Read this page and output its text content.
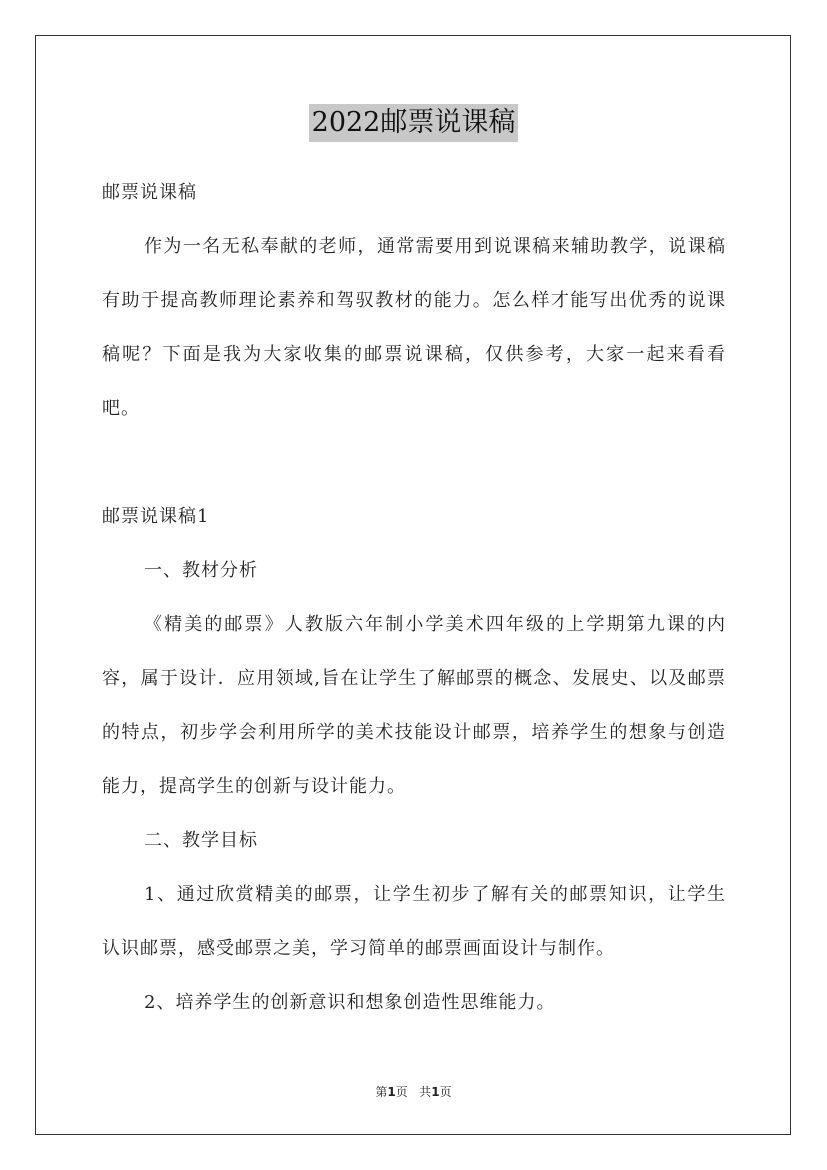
2022邮票说课稿

邮票说课稿

作为一名无私奉献的老师，通常需要用到说课稿来辅助教学，说课稿有助于提高教师理论素养和驾驭教材的能力。怎么样才能写出优秀的说课稿呢？下面是我为大家收集的邮票说课稿，仅供参考，大家一起来看看吧。

邮票说课稿1

一、教材分析

《精美的邮票》人教版六年制小学美术四年级的上学期第九课的内容，属于设计．应用领域,旨在让学生了解邮票的概念、发展史、以及邮票的特点，初步学会利用所学的美术技能设计邮票，培养学生的想象与创造能力，提高学生的创新与设计能力。

二、教学目标

1、通过欣赏精美的邮票，让学生初步了解有关的邮票知识，让学生认识邮票，感受邮票之美，学习简单的邮票画面设计与制作。

2、培养学生的创新意识和想象创造性思维能力。

第1页 共1页
